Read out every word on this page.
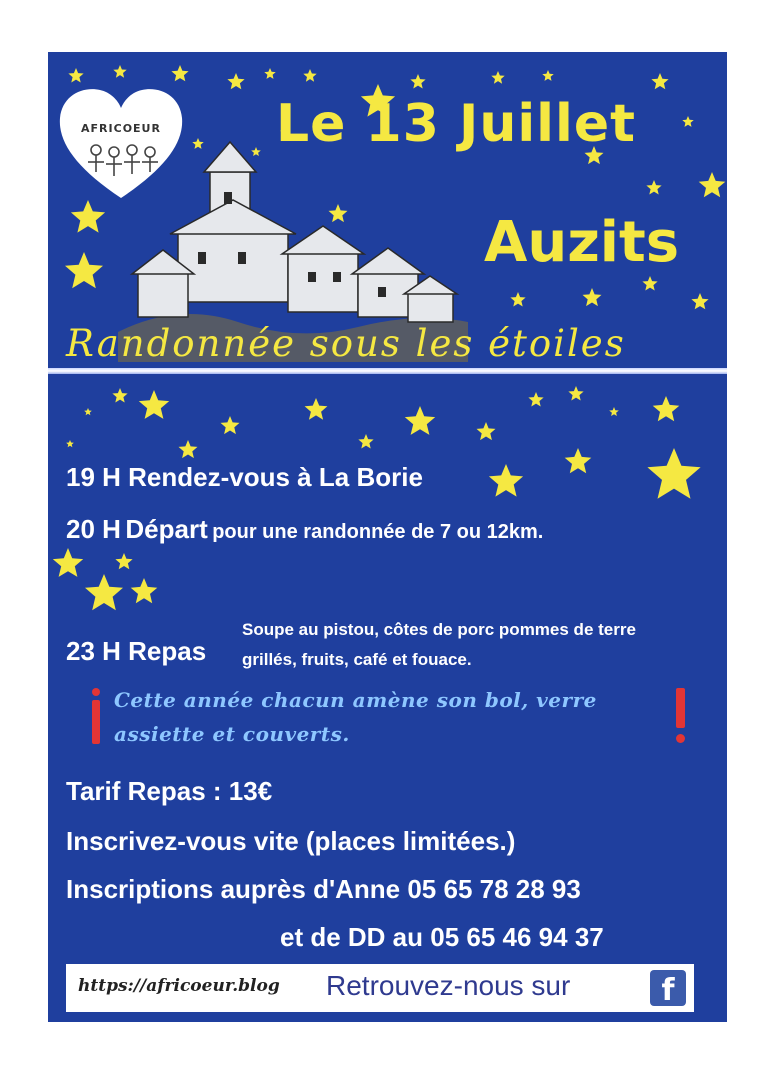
AFRICOEUR Le 13 Juillet

Auzits

Randonnée sous les étoiles

19 H Rendez-vous à La Borie

20 H Départ pour une randonnée de 7 ou 12km.

23 H Repas

Soupe au pistou, côtes de porc pommes de terre

grillés, fruits, café et fouace.

Cette année chacun amène son bol, verre

assiette et couverts.

Tarif Repas : 13€

Inscrivez-vous vite (places limitées.)

Inscriptions auprès d'Anne 05 65 78 28 93

et de DD au 05 65 46 94 37

https://africoeur.blog Retrouvez-nous sur	f
